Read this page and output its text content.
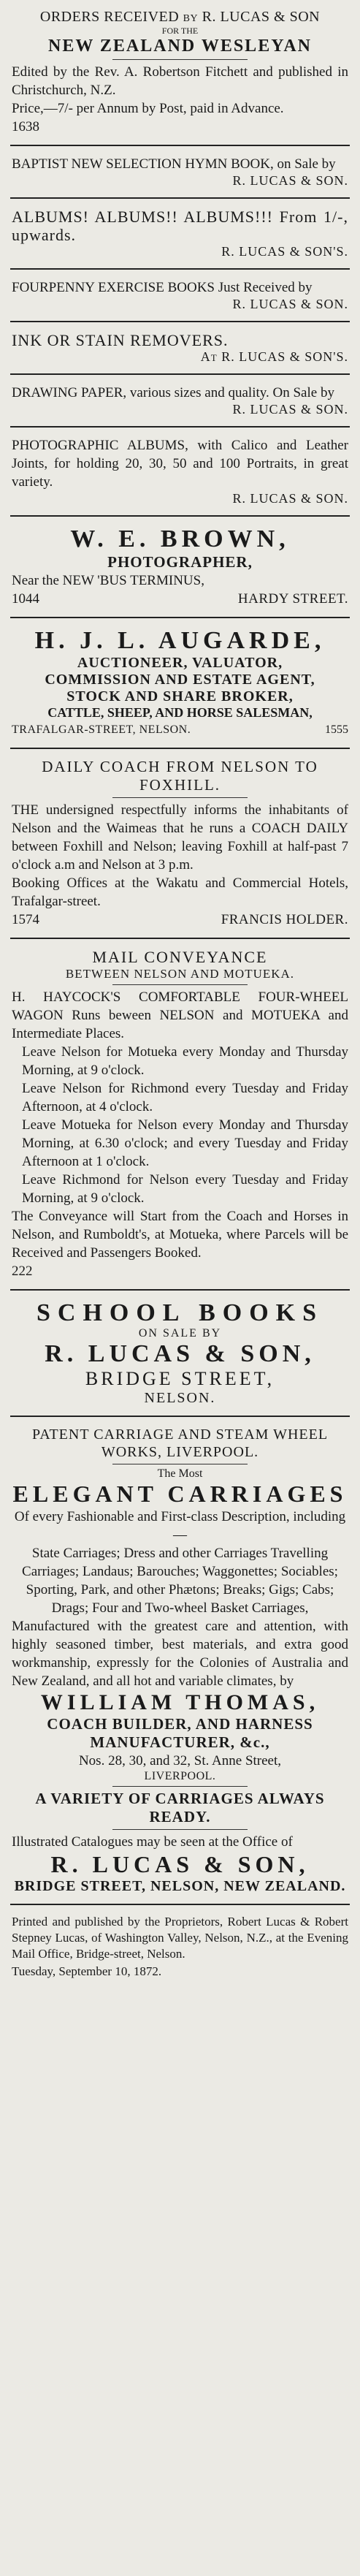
ORDERS RECEIVED by R. LUCAS & SON
FOR THE
NEW ZEALAND WESLEYAN
Edited by the Rev. A. Robertson Fitchett and published in Christchurch, N.Z.
Price,—7/- per Annum by Post, paid in Advance.
1638
BAPTIST NEW SELECTION HYMN BOOK, on Sale by
R. LUCAS & SON.
ALBUMS! ALBUMS!! ALBUMS!!! From 1/-, upwards.
R. LUCAS & SON'S.
FOURPENNY EXERCISE BOOKS Just Received by
R. LUCAS & SON.
INK OR STAIN REMOVERS.
At R. LUCAS & SON'S.
DRAWING PAPER, various sizes and quality. On Sale by
R. LUCAS & SON.
PHOTOGRAPHIC ALBUMS, with Calico and Leather Joints, for holding 20, 30, 50 and 100 Portraits, in great variety.
R. LUCAS & SON.
W. E. BROWN,
PHOTOGRAPHER,
Near the NEW 'BUS TERMINUS,
1044	HARDY STREET.
H. J. L. AUGARDE,
AUCTIONEER, VALUATOR,
COMMISSION AND ESTATE AGENT,
STOCK AND SHARE BROKER,
CATTLE, SHEEP, AND HORSE SALESMAN,
TRAFALGAR-STREET, NELSON.	1555
DAILY COACH FROM NELSON TO FOXHILL.
THE undersigned respectfully informs the inhabitants of Nelson and the Waimeas that he runs a COACH DAILY between Foxhill and Nelson; leaving Foxhill at half-past 7 o'clock a.m and Nelson at 3 p.m.
Booking Offices at the Wakatu and Commercial Hotels, Trafalgar-street.
1574	FRANCIS HOLDER.
MAIL CONVEYANCE
BETWEEN NELSON AND MOTUEKA.
H. HAYCOCK'S COMFORTABLE FOUR-WHEEL WAGON Runs beween NELSON and MOTUEKA and Intermediate Places.
Leave Nelson for Motueka every Monday and Thursday Morning, at 9 o'clock.
Leave Nelson for Richmond every Tuesday and Friday Afternoon, at 4 o'clock.
Leave Motueka for Nelson every Monday and Thursday Morning, at 6.30 o'clock; and every Tuesday and Friday Afternoon at 1 o'clock.
Leave Richmond for Nelson every Tuesday and Friday Morning, at 9 o'clock.
The Conveyance will Start from the Coach and Horses in Nelson, and Rumboldt's, at Motueka, where Parcels will be Received and Passengers Booked.
222
SCHOOL BOOKS
ON SALE BY
R. LUCAS & SON,
BRIDGE STREET,
NELSON.
PATENT CARRIAGE AND STEAM WHEEL WORKS, LIVERPOOL.
The Most
ELEGANT CARRIAGES
Of every Fashionable and First-class Description, including—
State Carriages; Dress and other Carriages Travelling Carriages; Landaus; Barouches; Waggonettes; Sociables; Sporting, Park, and other Phætons; Breaks; Gigs; Cabs; Drags; Four and Two-wheel Basket Carriages,
Manufactured with the greatest care and attention, with highly seasoned timber, best materials, and extra good workmanship, expressly for the Colonies of Australia and New Zealand, and all hot and variable climates, by
WILLIAM THOMAS,
COACH BUILDER, AND HARNESS MANUFACTURER, &c.,
Nos. 28, 30, and 32, St. Anne Street,
LIVERPOOL.
A VARIETY OF CARRIAGES ALWAYS READY.
Illustrated Catalogues may be seen at the Office of
R. LUCAS & SON,
BRIDGE STREET, NELSON, NEW ZEALAND.
Printed and published by the Proprietors, Robert Lucas & Robert Stepney Lucas, of Washington Valley, Nelson, N.Z., at the Evening Mail Office, Bridge-street, Nelson.
Tuesday, September 10, 1872.
